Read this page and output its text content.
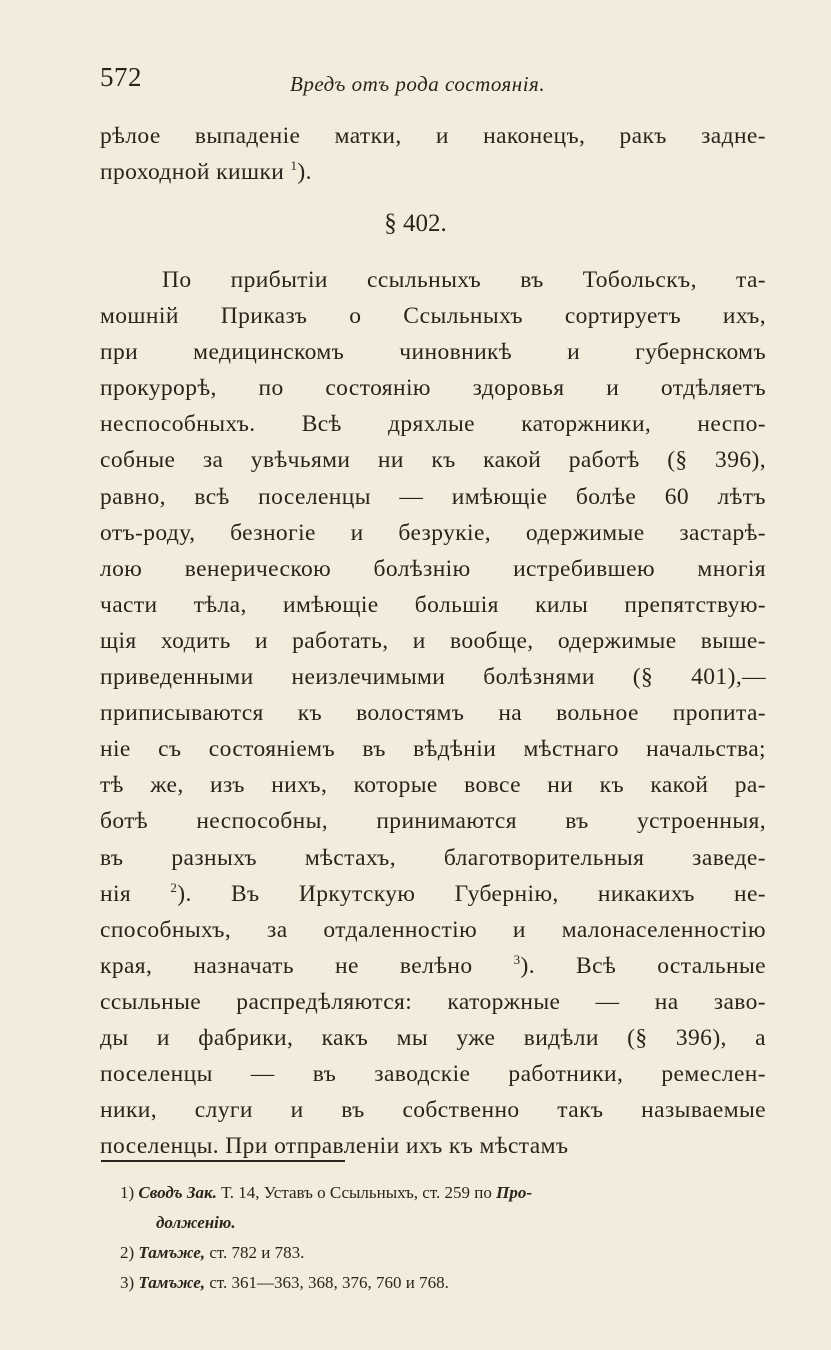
572	Вредъ отъ рода состоянія.
рѣлое выпаденіе матки, и наконецъ, ракъ задне-
проходной кишки $^1$).
§ 402.
По прибытіи ссыльныхъ въ Тобольскъ, та-
мошній Приказъ о Ссыльныхъ сортируетъ ихъ,
при медицинскомъ чиновникѣ и губернскомъ
прокурорѣ, по состоянію здоровья и отдѣляетъ
неспособныхъ. Всѣ дряхлые каторжники, неспо-
собные за увѣчьями ни къ какой работѣ (§ 396),
равно, всѣ поселенцы — имѣющіе болѣе 60 лѣтъ
отъ-роду, безногіе и безрукіе, одержимые застарѣ-
лою венерическою болѣзнію истребившею многія
части тѣла, имѣющіе большія килы препятствую-
щія ходить и работать, и вообще, одержимые выше-
приведенными неизлечимыми болѣзнями (§ 401),—
приписываются къ волостямъ на вольное пропита-
ніе съ состояніемъ въ вѣдѣніи мѣстнаго начальства;
тѣ же, изъ нихъ, которые вовсе ни къ какой ра-
ботѣ неспособны, принимаются въ устроенныя,
въ разныхъ мѣстахъ, благотворительныя заведе-
нія $^2$). Въ Иркутскую Губернію, никакихъ не-
способныхъ, за отдаленностію и малонаселенностію
края, назначать не велѣно $^3$). Всѣ остальные
ссыльные распредѣляются: каторжные — на заво-
ды и фабрики, какъ мы уже видѣли (§ 396), а
поселенцы — въ заводскіе работники, ремеслен-
ники, слуги и въ собственно такъ называемые
поселенцы. При отправленіи ихъ къ мѣстамъ
1) Сводъ Зак. Т. 14, Уставъ о Ссыльныхъ, ст. 259 по Про-
долженію.
2) Тамъже, ст. 782 и 783.
3) Тамъже, ст. 361—363, 368, 376, 760 и 768.
